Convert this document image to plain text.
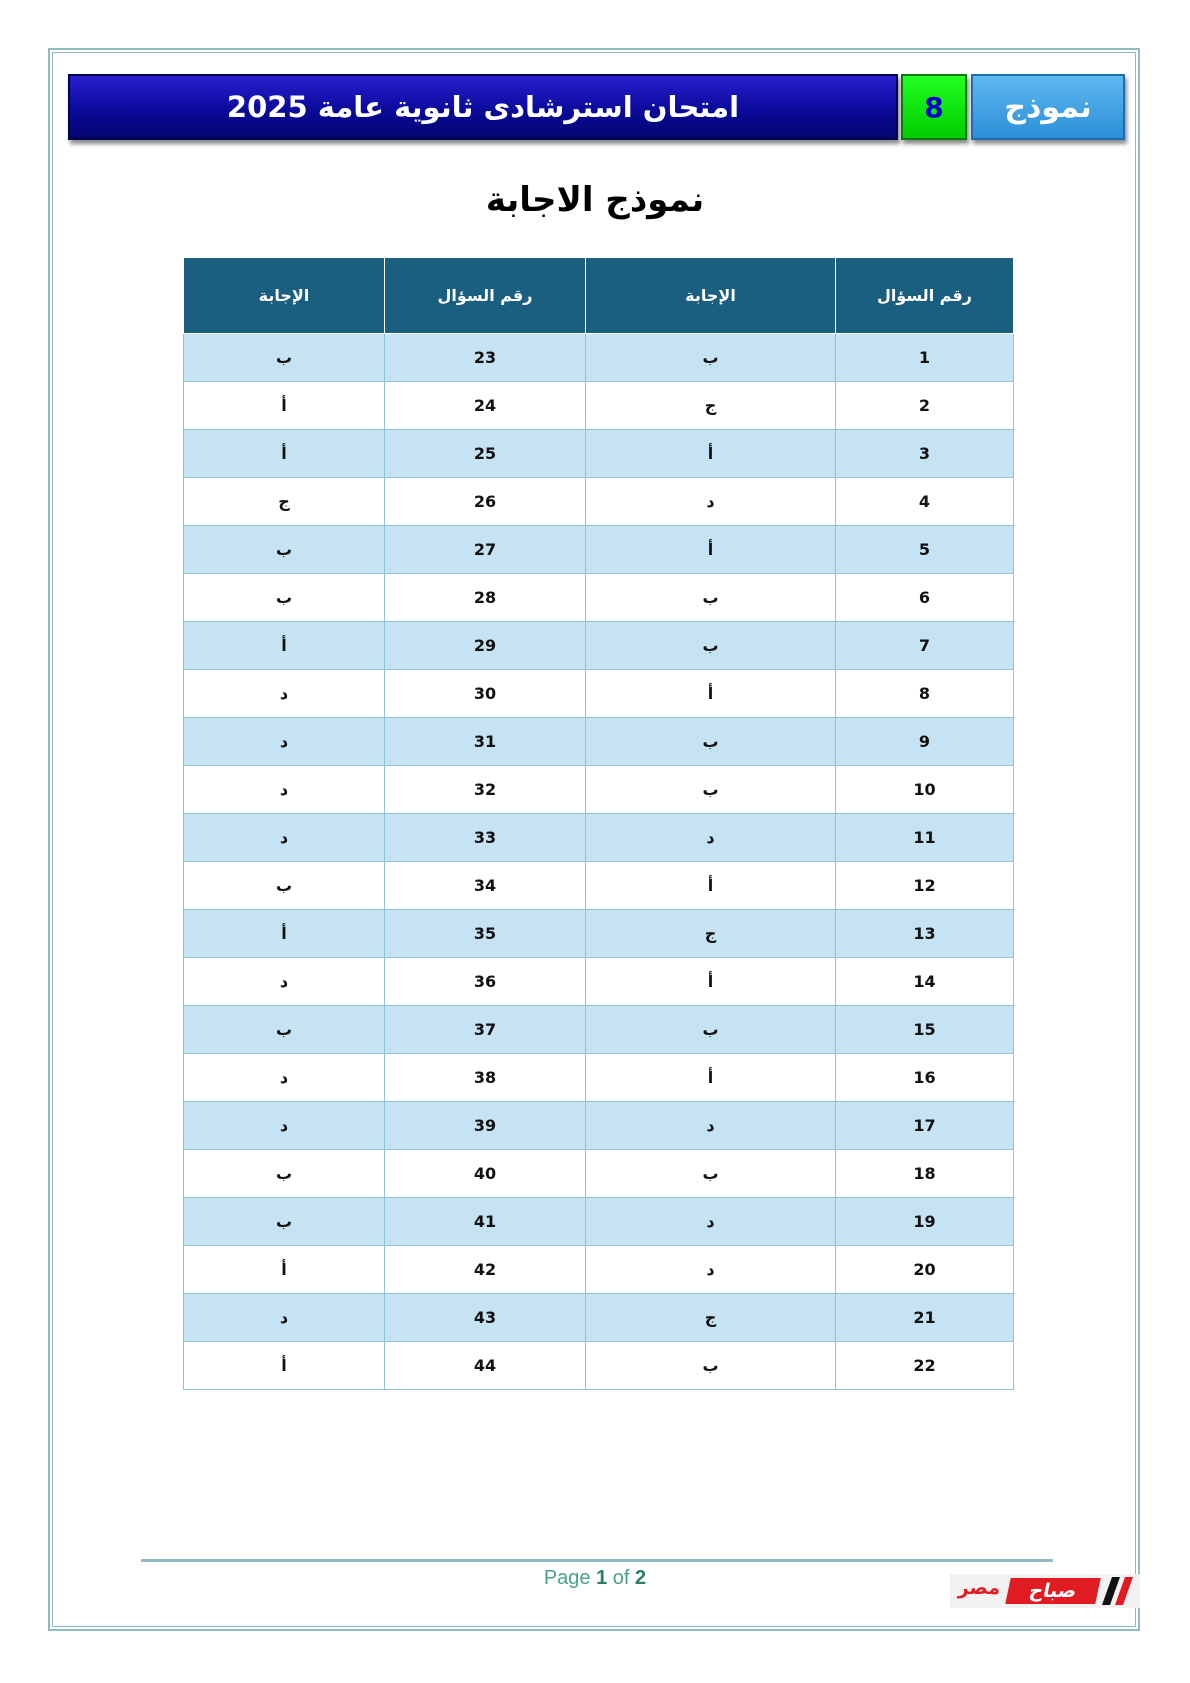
امتحان استرشادى ثانوية عامة 2025	8	نموذج
نموذج الاجابة
رقم السؤال	الإجابة	رقم السؤال	الإجابة
1	ب	23	ب
2	ج	24	أ
3	أ	25	أ
4	د	26	ج
5	أ	27	ب
6	ب	28	ب
7	ب	29	أ
8	أ	30	د
9	ب	31	د
10	ب	32	د
11	د	33	د
12	أ	34	ب
13	ج	35	أ
14	أ	36	د
15	ب	37	ب
16	أ	38	د
17	د	39	د
18	ب	40	ب
19	د	41	ب
20	د	42	أ
21	ج	43	د
22	ب	44	أ
Page 1 of 2
صباح
مصر
